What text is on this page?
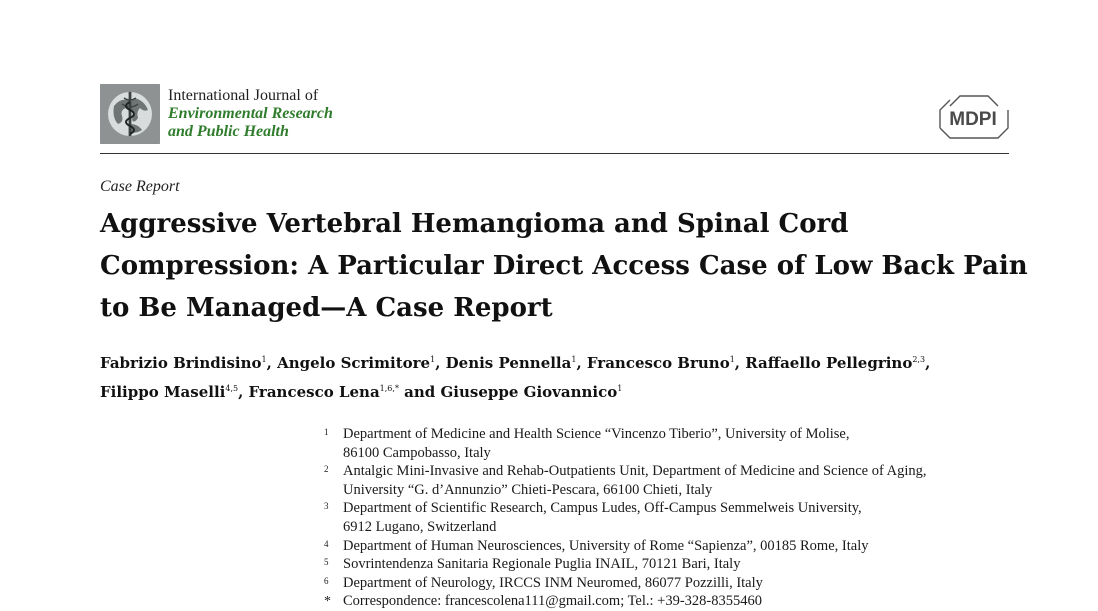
International Journal of
Environmental Research
and Public Health
MDPI
Case Report
Aggressive Vertebral Hemangioma and Spinal Cord
Compression: A Particular Direct Access Case of Low Back Pain
to Be Managed—A Case Report
Fabrizio Brindisino$^1$, Angelo Scrimitore$^1$, Denis Pennella$^1$, Francesco Bruno$^1$, Raffaello Pellegrino$^{2,3}$,
Filippo Maselli$^{4,5}$, Francesco Lena$^{1,6,*}$ and Giuseppe Giovannico$^1$
1 Department of Medicine and Health Science “Vincenzo Tiberio”, University of Molise,
86100 Campobasso, Italy
2 Antalgic Mini-Invasive and Rehab-Outpatients Unit, Department of Medicine and Science of Aging,
University “G. d’Annunzio” Chieti-Pescara, 66100 Chieti, Italy
3 Department of Scientific Research, Campus Ludes, Off-Campus Semmelweis University,
6912 Lugano, Switzerland
4 Department of Human Neurosciences, University of Rome “Sapienza”, 00185 Rome, Italy
5 Sovrintendenza Sanitaria Regionale Puglia INAIL, 70121 Bari, Italy
6 Department of Neurology, IRCCS INM Neuromed, 86077 Pozzilli, Italy
* Correspondence: francescolena111@gmail.com; Tel.: +39-328-8355460
